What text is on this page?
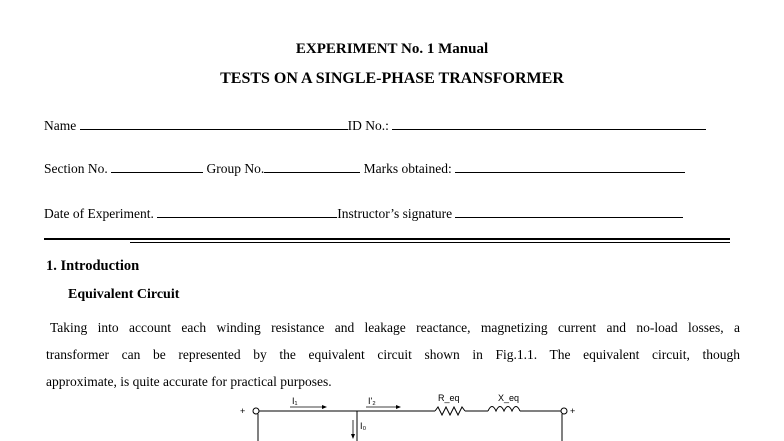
EXPERIMENT No. 1 Manual
TESTS ON A SINGLE-PHASE TRANSFORMER
Name	ID No.:
Section No.	Group No.	Marks obtained:
Date of Experiment.	Instructor’s signature
1. Introduction
Equivalent Circuit
Taking into account each winding resistance and leakage reactance, magnetizing current and no-load losses, a
transformer can be represented by the equivalent circuit shown in Fig.1.1. The equivalent circuit, though
approximate, is quite accurate for practical purposes.
+
I₁	I'₂	R_eq	X_eq
+
I₀
